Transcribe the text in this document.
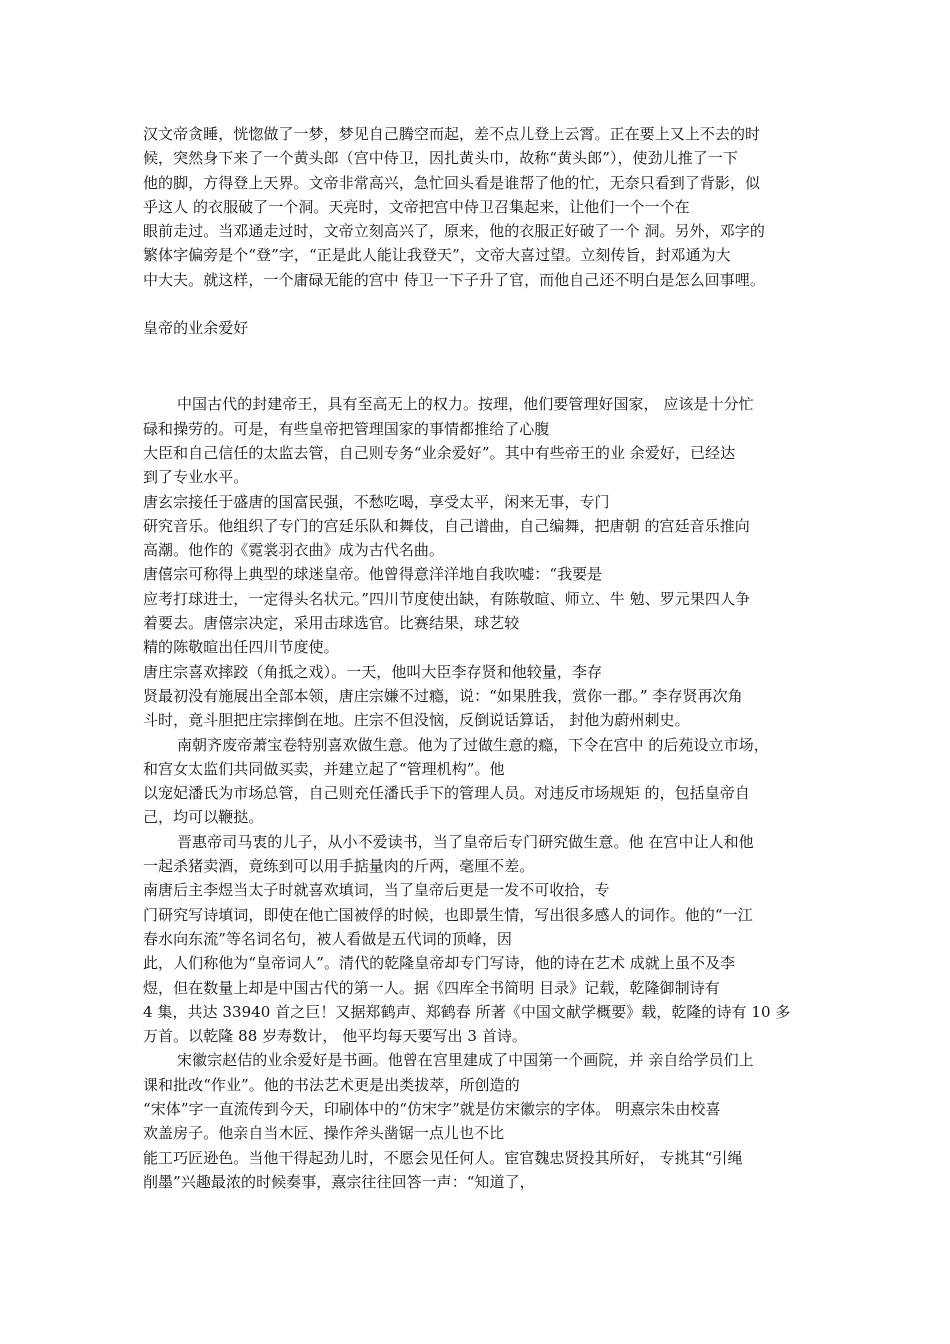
汉文帝贪睡，恍惚做了一梦，梦见自己腾空而起，差不点儿登上云霄。正在要上又上不去的时
候，突然身下来了一个黄头郎（宫中侍卫，因扎黄头巾，故称“黄头郎”），使劲儿推了一下
他的脚，方得登上天界。文帝非常高兴，急忙回头看是谁帮了他的忙，无奈只看到了背影，似
乎这人 的衣服破了一个洞。天亮时，文帝把宫中侍卫召集起来，让他们一个一个在
眼前走过。当邓通走过时，文帝立刻高兴了，原来，他的衣服正好破了一个 洞。另外，邓字的
繁体字偏旁是个“登”字，“正是此人能让我登天”，文帝大喜过望。立刻传旨，封邓通为大
中大夫。就这样，一个庸碌无能的宫中 侍卫一下子升了官，而他自己还不明白是怎么回事哩。
皇帝的业余爱好
中国古代的封建帝王，具有至高无上的权力。按理，他们要管理好国家， 应该是十分忙
碌和操劳的。可是，有些皇帝把管理国家的事情都推给了心腹
大臣和自己信任的太监去管，自己则专务“业余爱好”。其中有些帝王的业 余爱好，已经达
到了专业水平。
唐玄宗接任于盛唐的国富民强，不愁吃喝，享受太平，闲来无事，专门
研究音乐。他组织了专门的宫廷乐队和舞伎，自己谱曲，自己编舞，把唐朝 的宫廷音乐推向
高潮。他作的《霓裳羽衣曲》成为古代名曲。
唐僖宗可称得上典型的球迷皇帝。他曾得意洋洋地自我吹嘘：“我要是
应考打球进士，一定得头名状元。”四川节度使出缺，有陈敬暄、师立、牛 勉、罗元果四人争
着要去。唐僖宗决定，采用击球选官。比赛结果，球艺较
精的陈敬暄出任四川节度使。
唐庄宗喜欢摔跤（角抵之戏）。一天，他叫大臣李存贤和他较量，李存
贤最初没有施展出全部本领，唐庄宗嫌不过瘾，说：“如果胜我，赏你一郡。” 李存贤再次角
斗时，竟斗胆把庄宗摔倒在地。庄宗不但没恼，反倒说话算话， 封他为蔚州刺史。
南朝齐废帝萧宝卷特别喜欢做生意。他为了过做生意的瘾，下令在宫中 的后苑设立市场，
和宫女太监们共同做买卖，并建立起了“管理机构”。他
以宠妃潘氏为市场总管，自己则充任潘氏手下的管理人员。对违反市场规矩 的，包括皇帝自
己，均可以鞭挞。
晋惠帝司马衷的儿子，从小不爱读书，当了皇帝后专门研究做生意。他 在宫中让人和他
一起杀猪卖酒，竟练到可以用手掂量肉的斤两，毫厘不差。
南唐后主李煜当太子时就喜欢填词，当了皇帝后更是一发不可收拾，专
门研究写诗填词，即使在他亡国被俘的时候，也即景生情，写出很多感人的词作。他的“一江
春水向东流”等名词名句，被人看做是五代词的顶峰，因
此，人们称他为“皇帝词人”。清代的乾隆皇帝却专门写诗，他的诗在艺术 成就上虽不及李
煜，但在数量上却是中国古代的第一人。据《四库全书简明 目录》记载，乾隆御制诗有
4 集，共达 33940 首之巨！又据郑鹤声、郑鹤春 所著《中国文献学概要》载，乾隆的诗有 10 多
万首。以乾隆 88 岁寿数计， 他平均每天要写出 3 首诗。
宋徽宗赵佶的业余爱好是书画。他曾在宫里建成了中国第一个画院，并 亲自给学员们上
课和批改“作业”。他的书法艺术更是出类拔萃，所创造的
“宋体”字一直流传到今天，印刷体中的“仿宋字”就是仿宋徽宗的字体。 明熹宗朱由校喜
欢盖房子。他亲自当木匠、操作斧头凿锯一点儿也不比
能工巧匠逊色。当他干得起劲儿时，不愿会见任何人。宦官魏忠贤投其所好， 专挑其“引绳
削墨”兴趣最浓的时候奏事，熹宗往往回答一声：“知道了，
